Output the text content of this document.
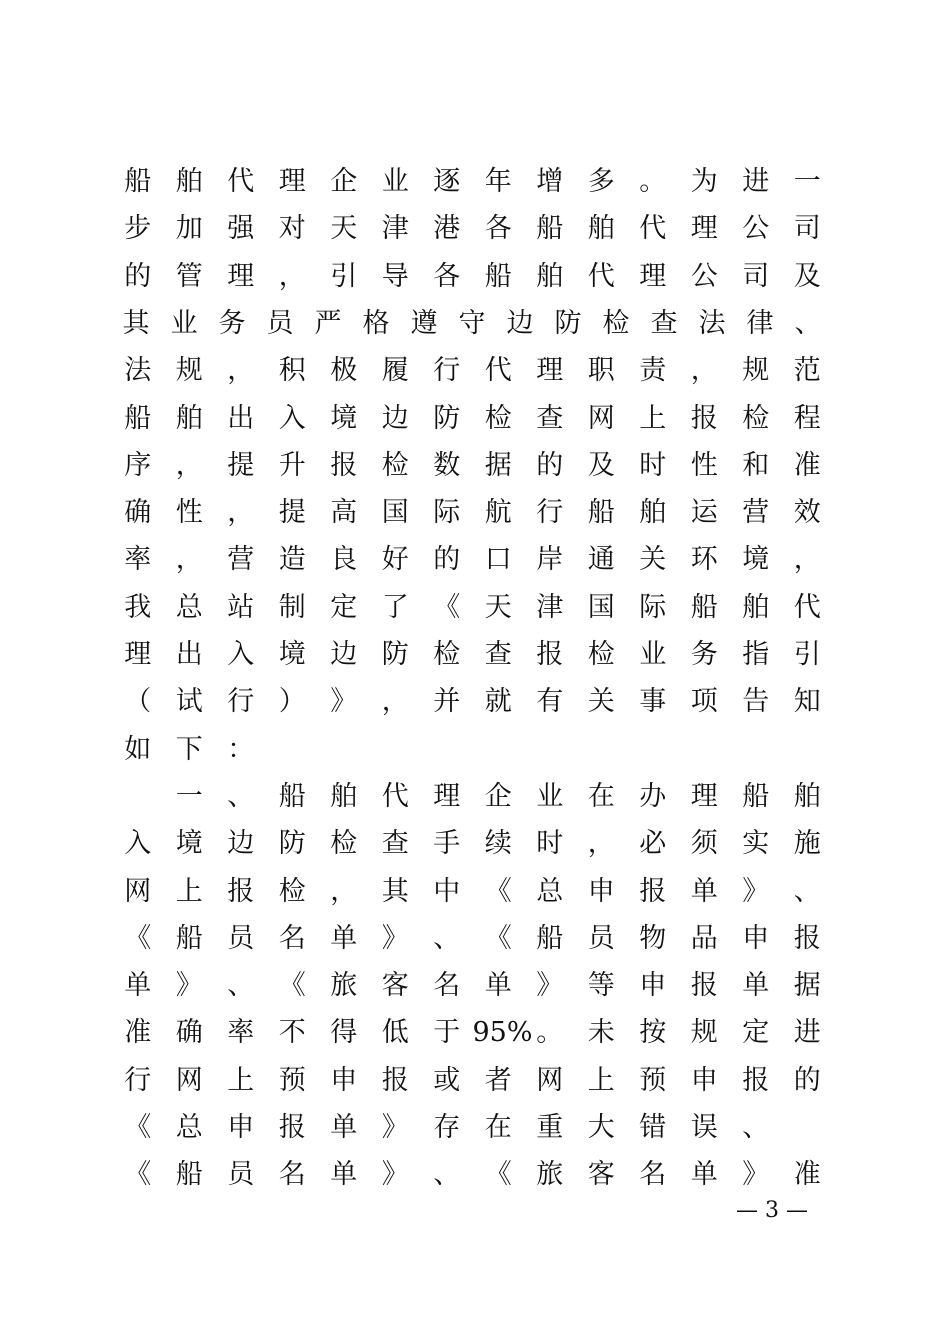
船 舶 代 理 企 业 逐 年 增 多 。 为 进 一
步 加 强 对 天 津 港 各 船 舶 代 理 公 司
的 管 理 ， 引 导 各 船 舶 代 理 公 司 及
其 业 务 员 严 格 遵 守 边 防 检 查 法 律 、
法 规 ， 积 极 履 行 代 理 职 责 ， 规 范
船 舶 出 入 境 边 防 检 查 网 上 报 检 程
序 ， 提 升 报 检 数 据 的 及 时 性 和 准
确 性 ， 提 高 国 际 航 行 船 舶 运 营 效
率 ， 营 造 良 好 的 口 岸 通 关 环 境 ，
我 总 站 制 定 了 《 天 津 国 际 船 舶 代
理 出 入 境 边 防 检 查 报 检 业 务 指 引
（ 试 行 ） 》 ， 并 就 有 关 事 项 告 知
如 下 ：
　一 、 船 舶 代 理 企 业 在 办 理 船 舶
入 境 边 防 检 查 手 续 时 ， 必 须 实 施
网 上 报 检 ， 其 中 《 总 申 报 单 》 、
《 船 员 名 单 》 、 《 船 员 物 品 申 报
单 》 、 《 旅 客 名 单 》 等 申 报 单 据
准 确 率 不 得 低 于 95% 。 未 按 规 定 进
行 网 上 预 申 报 或 者 网 上 预 申 报 的
《 总 申 报 单 》 存 在 重 大 错 误 、
《 船 员 名 单 》 、 《 旅 客 名 单 》 准
— 3 —
